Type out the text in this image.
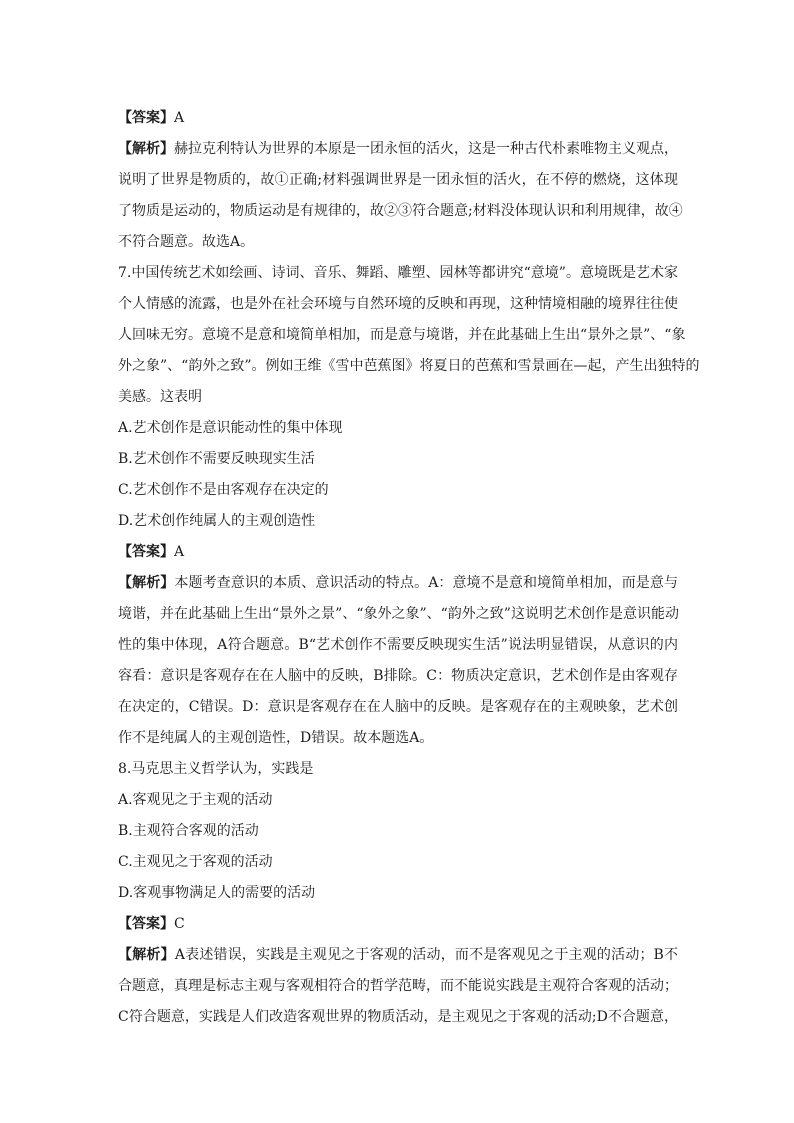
【答案】A
【解析】赫拉克利特认为世界的本原是一团永恒的活火，这是一种古代朴素唯物主义观点，
说明了世界是物质的，故①正确;材料强调世界是一团永恒的活火，在不停的燃烧，这体现
了物质是运动的，物质运动是有规律的，故②③符合题意;材料没体现认识和利用规律，故④
不符合题意。故选A。
7.中国传统艺术如绘画、诗词、音乐、舞蹈、雕塑、园林等都讲究“意境”。意境既是艺术家
个人情感的流露，也是外在社会环境与自然环境的反映和再现，这种情境相融的境界往往使
人回味无穷。意境不是意和境简单相加，而是意与境谐，并在此基础上生出“景外之景”、“象
外之象”、“韵外之致”。例如王维《雪中芭蕉图》将夏日的芭蕉和雪景画在—起，产生出独特的
美感。这表明
A.艺术创作是意识能动性的集中体现
B.艺术创作不需要反映现实生活
C.艺术创作不是由客观存在决定的
D.艺术创作纯属人的主观创造性
【答案】A
【解析】本题考查意识的本质、意识活动的特点。A：意境不是意和境简单相加，而是意与
境谐，并在此基础上生出“景外之景”、“象外之象”、“韵外之致”这说明艺术创作是意识能动
性的集中体现，A符合题意。B“艺术创作不需要反映现实生活”说法明显错误，从意识的内
容看：意识是客观存在在人脑中的反映，B排除。C：物质决定意识，艺术创作是由客观存
在决定的，C错误。D：意识是客观存在在人脑中的反映。是客观存在的主观映象，艺术创
作不是纯属人的主观创造性，D错误。故本题选A。
8.马克思主义哲学认为，实践是
A.客观见之于主观的活动
B.主观符合客观的活动
C.主观见之于客观的活动
D.客观事物满足人的需要的活动
【答案】C
【解析】A表述错误，实践是主观见之于客观的活动，而不是客观见之于主观的活动；B不
合题意，真理是标志主观与客观相符合的哲学范畴，而不能说实践是主观符合客观的活动；
C符合题意，实践是人们改造客观世界的物质活动，是主观见之于客观的活动;D不合题意，
